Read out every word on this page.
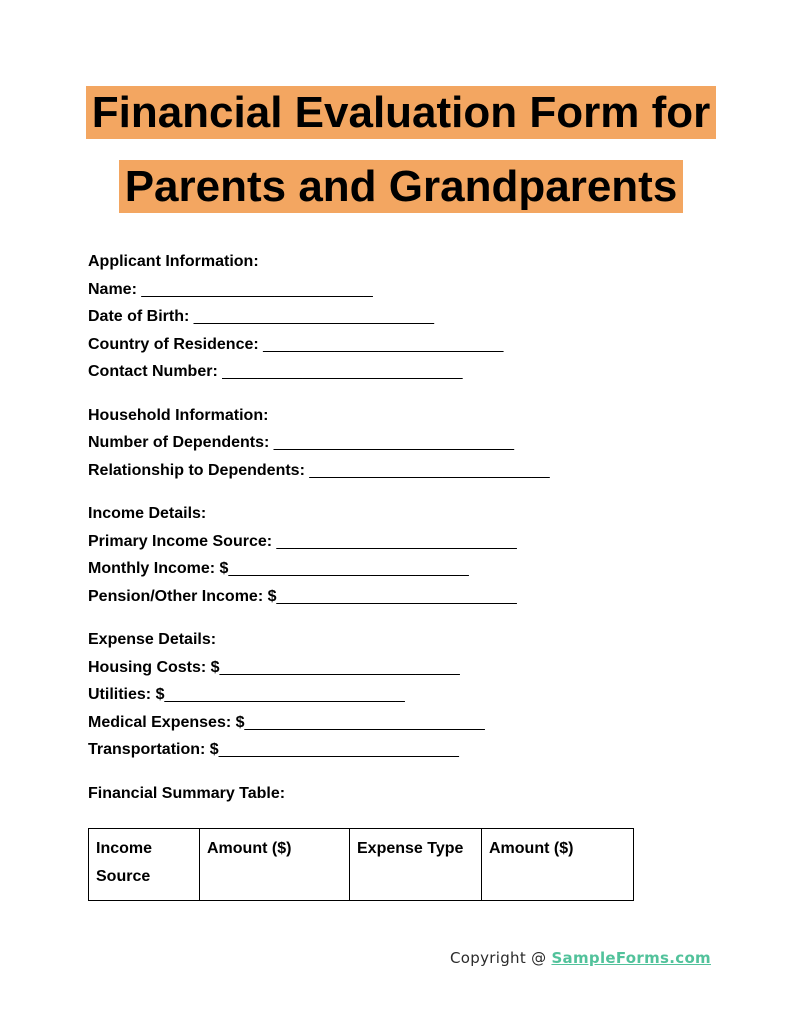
Financial Evaluation Form for
Parents and Grandparents
Applicant Information:
Name: __________________________
Date of Birth: ___________________________
Country of Residence: ___________________________
Contact Number: ___________________________
Household Information:
Number of Dependents: ___________________________
Relationship to Dependents: ___________________________
Income Details:
Primary Income Source: ___________________________
Monthly Income: $___________________________
Pension/Other Income: $___________________________
Expense Details:
Housing Costs: $___________________________
Utilities: $___________________________
Medical Expenses: $___________________________
Transportation: $___________________________
Financial Summary Table:
Income Source	Amount ($)	Expense Type	Amount ($)
Copyright @ SampleForms.com
